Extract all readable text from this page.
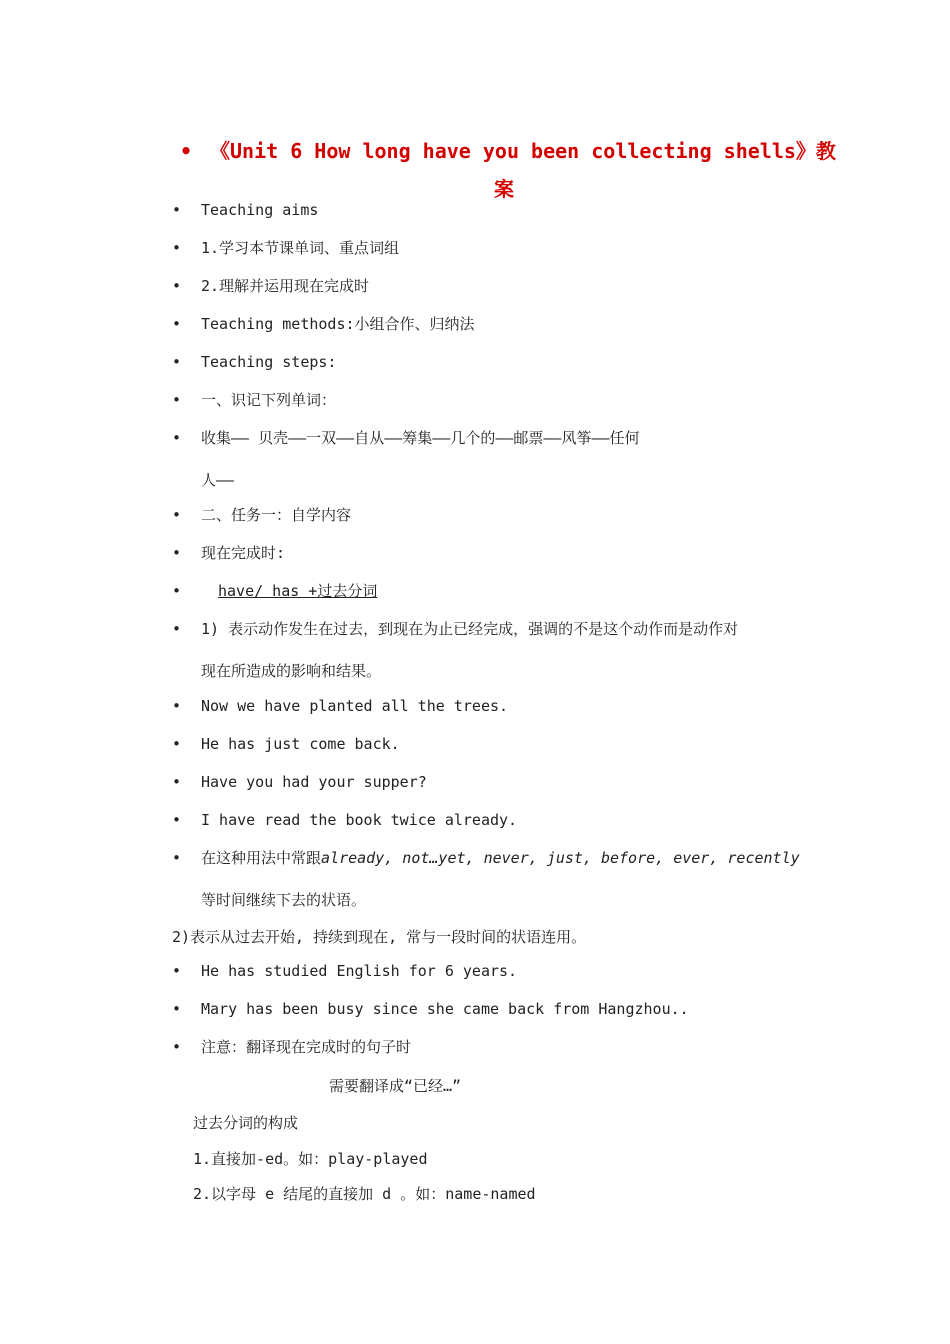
• 《Unit 6 How long have you been collecting shells》教
案
• Teaching aims
• 1.学习本节课单词、重点词组
• 2.理解并运用现在完成时
• Teaching methods:小组合作、归纳法
• Teaching steps:
• 一、识记下列单词：
• 收集—— 贝壳——一双——自从——筹集——几个的——邮票——风筝——任何
人——
• 二、任务一：自学内容
• 现在完成时:
• have/ has +过去分词
• 1) 表示动作发生在过去，到现在为止已经完成，强调的不是这个动作而是动作对
现在所造成的影响和结果。
• Now we have planted all the trees.
• He has just come back.
• Have you had your supper?
• I have read the book twice already.
• 在这种用法中常跟already, not…yet, never, just, before, ever, recently
等时间继续下去的状语。
2)表示从过去开始, 持续到现在, 常与一段时间的状语连用。
• He has studied English for 6 years.
• Mary has been busy since she came back from Hangzhou..
• 注意：翻译现在完成时的句子时
需要翻译成“已经…”
过去分词的构成
1.直接加-ed。如：play-played
2.以字母 e 结尾的直接加 d 。如：name-named
